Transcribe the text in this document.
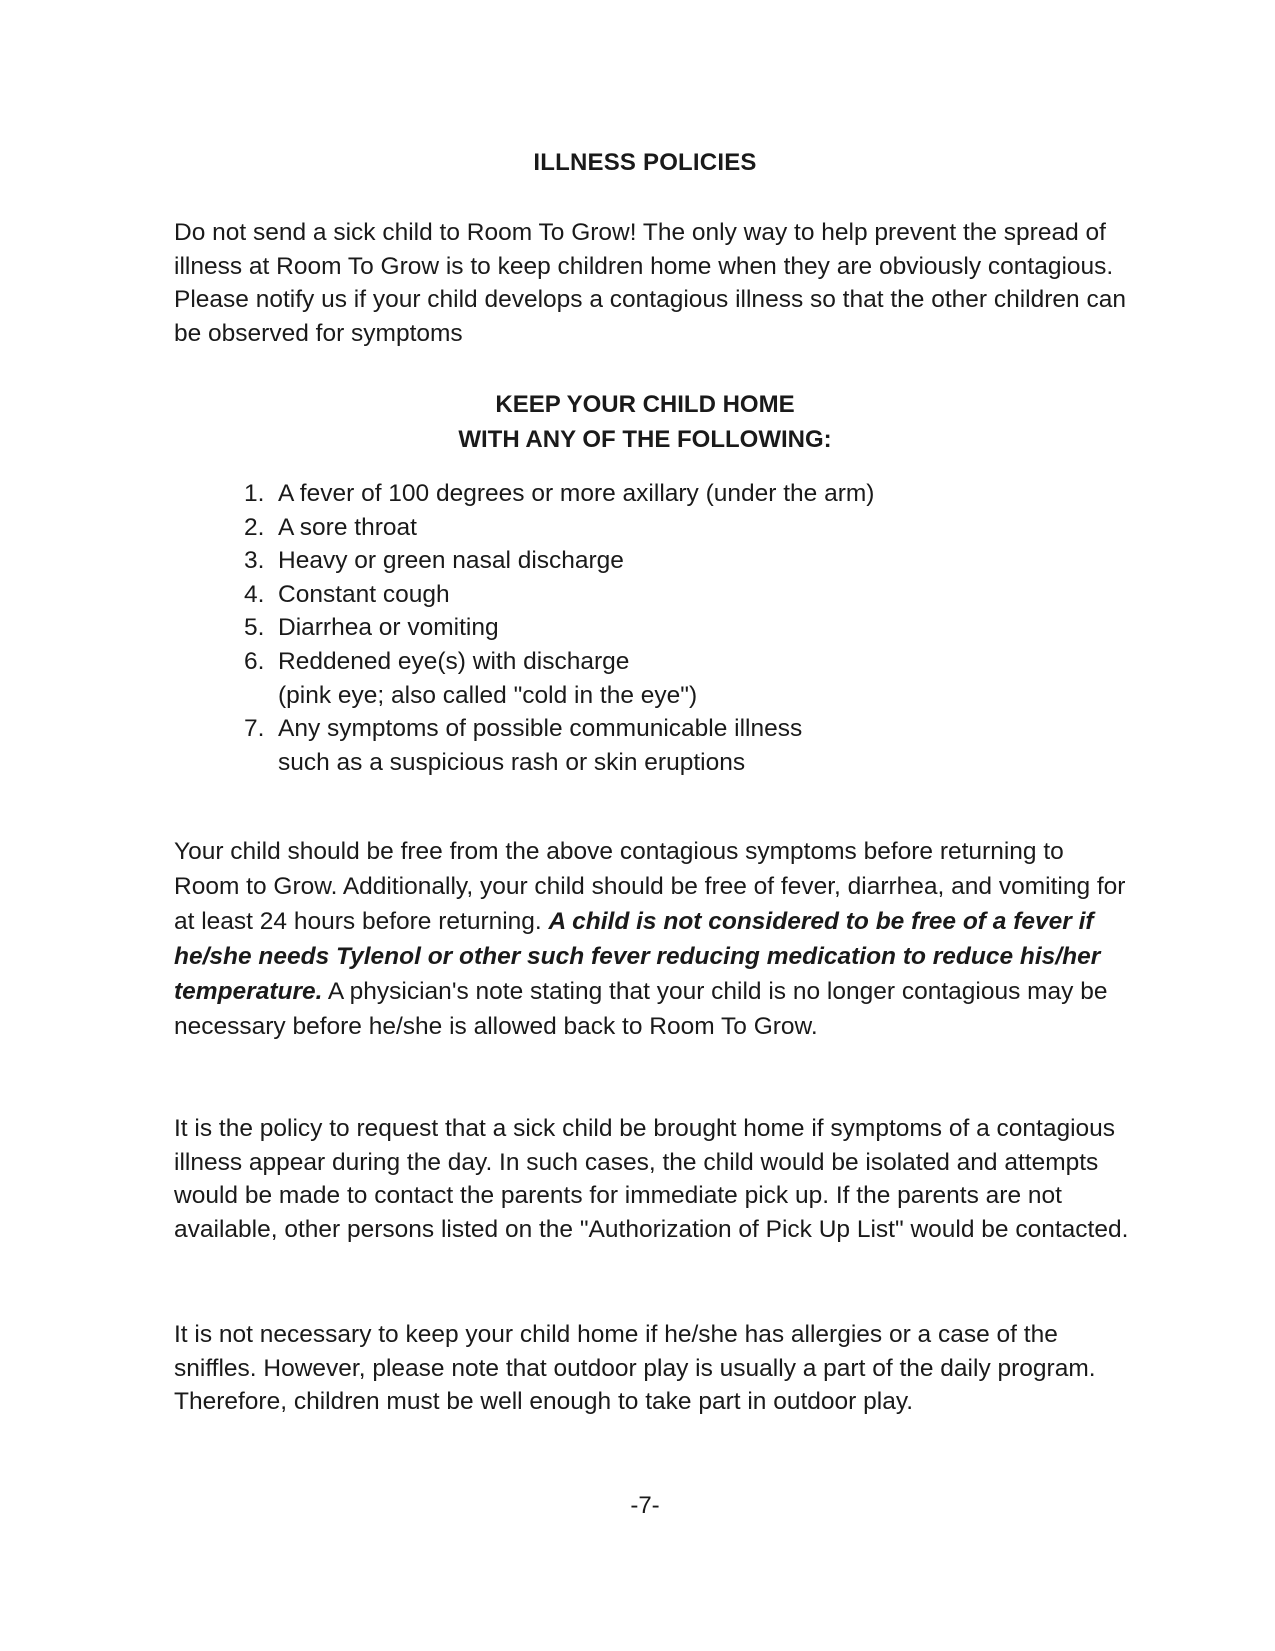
ILLNESS POLICIES

Do not send a sick child to Room To Grow! The only way to help prevent the spread of illness at Room To Grow is to keep children home when they are obviously contagious. Please notify us if your child develops a contagious illness so that the other children can be observed for symptoms

KEEP YOUR CHILD HOME
WITH ANY OF THE FOLLOWING:
1. A fever of 100 degrees or more axillary (under the arm)
2. A sore throat
3. Heavy or green nasal discharge
4. Constant cough
5. Diarrhea or vomiting
6. Reddened eye(s) with discharge
(pink eye; also called "cold in the eye")
7. Any symptoms of possible communicable illness
such as a suspicious rash or skin eruptions

Your child should be free from the above contagious symptoms before returning to Room to Grow. Additionally, your child should be free of fever, diarrhea, and vomiting for at least 24 hours before returning. A child is not considered to be free of a fever if he/she needs Tylenol or other such fever reducing medication to reduce his/her temperature. A physician's note stating that your child is no longer contagious may be necessary before he/she is allowed back to Room To Grow.

It is the policy to request that a sick child be brought home if symptoms of a contagious illness appear during the day. In such cases, the child would be isolated and attempts would be made to contact the parents for immediate pick up. If the parents are not available, other persons listed on the "Authorization of Pick Up List" would be contacted.

It is not necessary to keep your child home if he/she has allergies or a case of the sniffles. However, please note that outdoor play is usually a part of the daily program. Therefore, children must be well enough to take part in outdoor play.

-7-
